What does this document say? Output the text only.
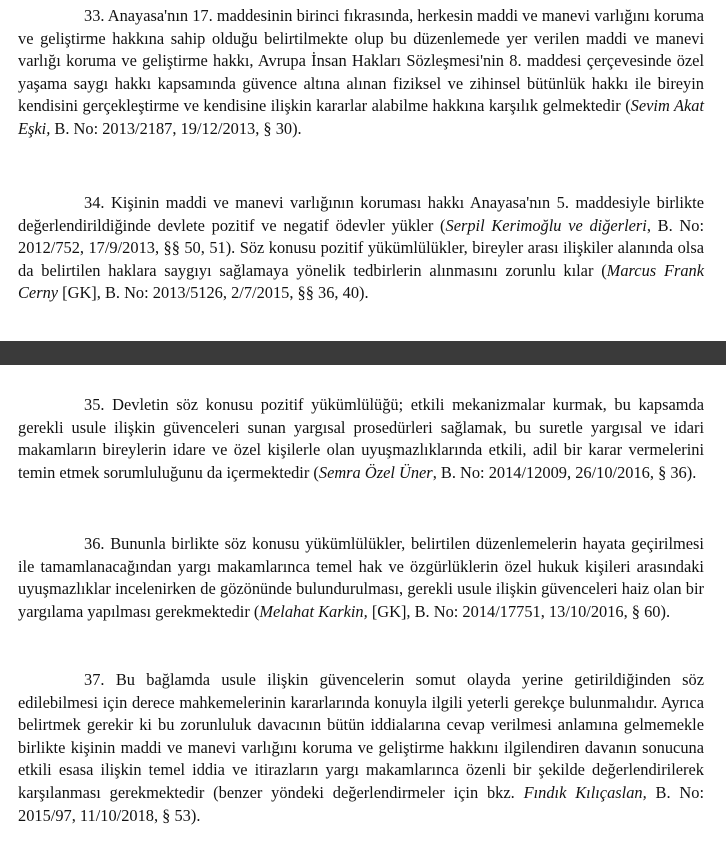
33. Anayasa'nın 17. maddesinin birinci fıkrasında, herkesin maddi ve manevi varlığını koruma ve geliştirme hakkına sahip olduğu belirtilmekte olup bu düzenlemede yer verilen maddi ve manevi varlığı koruma ve geliştirme hakkı, Avrupa İnsan Hakları Sözleşmesi'nin 8. maddesi çerçevesinde özel yaşama saygı hakkı kapsamında güvence altına alınan fiziksel ve zihinsel bütünlük hakkı ile bireyin kendisini gerçekleştirme ve kendisine ilişkin kararlar alabilme hakkına karşılık gelmektedir (Sevim Akat Eşki, B. No: 2013/2187, 19/12/2013, § 30).

34. Kişinin maddi ve manevi varlığının koruması hakkı Anayasa'nın 5. maddesiyle birlikte değerlendirildiğinde devlete pozitif ve negatif ödevler yükler (Serpil Kerimoğlu ve diğerleri, B. No: 2012/752, 17/9/2013, §§ 50, 51). Söz konusu pozitif yükümlülükler, bireyler arası ilişkiler alanında olsa da belirtilen haklara saygıyı sağlamaya yönelik tedbirlerin alınmasını zorunlu kılar (Marcus Frank Cerny [GK], B. No: 2013/5126, 2/7/2015, §§ 36, 40).

35. Devletin söz konusu pozitif yükümlülüğü; etkili mekanizmalar kurmak, bu kapsamda gerekli usule ilişkin güvenceleri sunan yargısal prosedürleri sağlamak, bu suretle yargısal ve idari makamların bireylerin idare ve özel kişilerle olan uyuşmazlıklarında etkili, adil bir karar vermelerini temin etmek sorumluluğunu da içermektedir (Semra Özel Üner, B. No: 2014/12009, 26/10/2016, § 36).

36. Bununla birlikte söz konusu yükümlülükler, belirtilen düzenlemelerin hayata geçirilmesi ile tamamlanacağından yargı makamlarınca temel hak ve özgürlüklerin özel hukuk kişileri arasındaki uyuşmazlıklar incelenirken de gözönünde bulundurulması, gerekli usule ilişkin güvenceleri haiz olan bir yargılama yapılması gerekmektedir (Melahat Karkin, [GK], B. No: 2014/17751, 13/10/2016, § 60).

37. Bu bağlamda usule ilişkin güvencelerin somut olayda yerine getirildiğinden söz edilebilmesi için derece mahkemelerinin kararlarında konuyla ilgili yeterli gerekçe bulunmalıdır. Ayrıca belirtmek gerekir ki bu zorunluluk davacının bütün iddialarına cevap verilmesi anlamına gelmemekle birlikte kişinin maddi ve manevi varlığını koruma ve geliştirme hakkını ilgilendiren davanın sonucuna etkili esasa ilişkin temel iddia ve itirazların yargı makamlarınca özenli bir şekilde değerlendirilerek karşılanması gerekmektedir (benzer yöndeki değerlendirmeler için bkz. Fındık Kılıçaslan, B. No: 2015/97, 11/10/2018, § 53).
